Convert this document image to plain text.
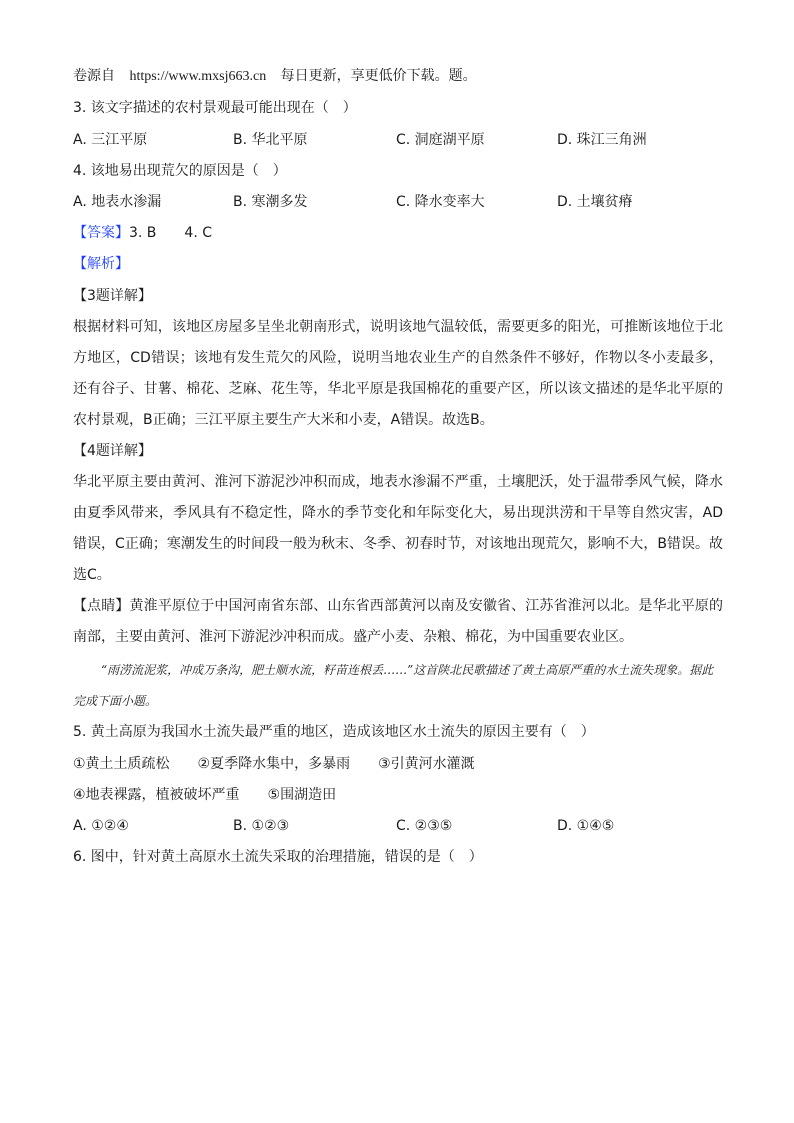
卷源自 https://www.mxsj663.cn 每日更新，享更低价下载。题。
3. 该文字描述的农村景观最可能出现在（　）
A. 三江平原	B. 华北平原	C. 洞庭湖平原	D. 珠江三角洲
4. 该地易出现荒欠的原因是（　）
A. 地表水渗漏	B. 寒潮多发	C. 降水变率大	D. 土壤贫瘠
【答案】3. B　　4. C
【解析】
【3题详解】
根据材料可知，该地区房屋多呈坐北朝南形式，说明该地气温较低，需要更多的阳光，可推断该地位于北方地区，CD错误；该地有发生荒欠的风险，说明当地农业生产的自然条件不够好，作物以冬小麦最多，还有谷子、甘薯、棉花、芝麻、花生等，华北平原是我国棉花的重要产区，所以该文描述的是华北平原的农村景观，B正确；三江平原主要生产大米和小麦，A错误。故选B。
【4题详解】
华北平原主要由黄河、淮河下游泥沙冲积而成，地表水渗漏不严重，土壤肥沃，处于温带季风气候，降水由夏季风带来，季风具有不稳定性，降水的季节变化和年际变化大，易出现洪涝和干旱等自然灾害，AD错误，C正确；寒潮发生的时间段一般为秋末、冬季、初春时节，对该地出现荒欠，影响不大，B错误。故选C。
【点睛】黄淮平原位于中国河南省东部、山东省西部黄河以南及安徽省、江苏省淮河以北。是华北平原的南部，主要由黄河、淮河下游泥沙冲积而成。盛产小麦、杂粮、棉花，为中国重要农业区。
“雨涝流泥浆，冲成万条沟，肥土顺水流，籽苗连根丢……”这首陕北民歌描述了黄土高原严重的水土流失现象。据此完成下面小题。
5. 黄土高原为我国水土流失最严重的地区，造成该地区水土流失的原因主要有（　）
①黄土土质疏松　　②夏季降水集中，多暴雨　　③引黄河水灌溉
④地表裸露，植被破坏严重　　⑤围湖造田
A. ①②④	B. ①②③	C. ②③⑤	D. ①④⑤
6. 图中，针对黄土高原水土流失采取的治理措施，错误的是（　）
